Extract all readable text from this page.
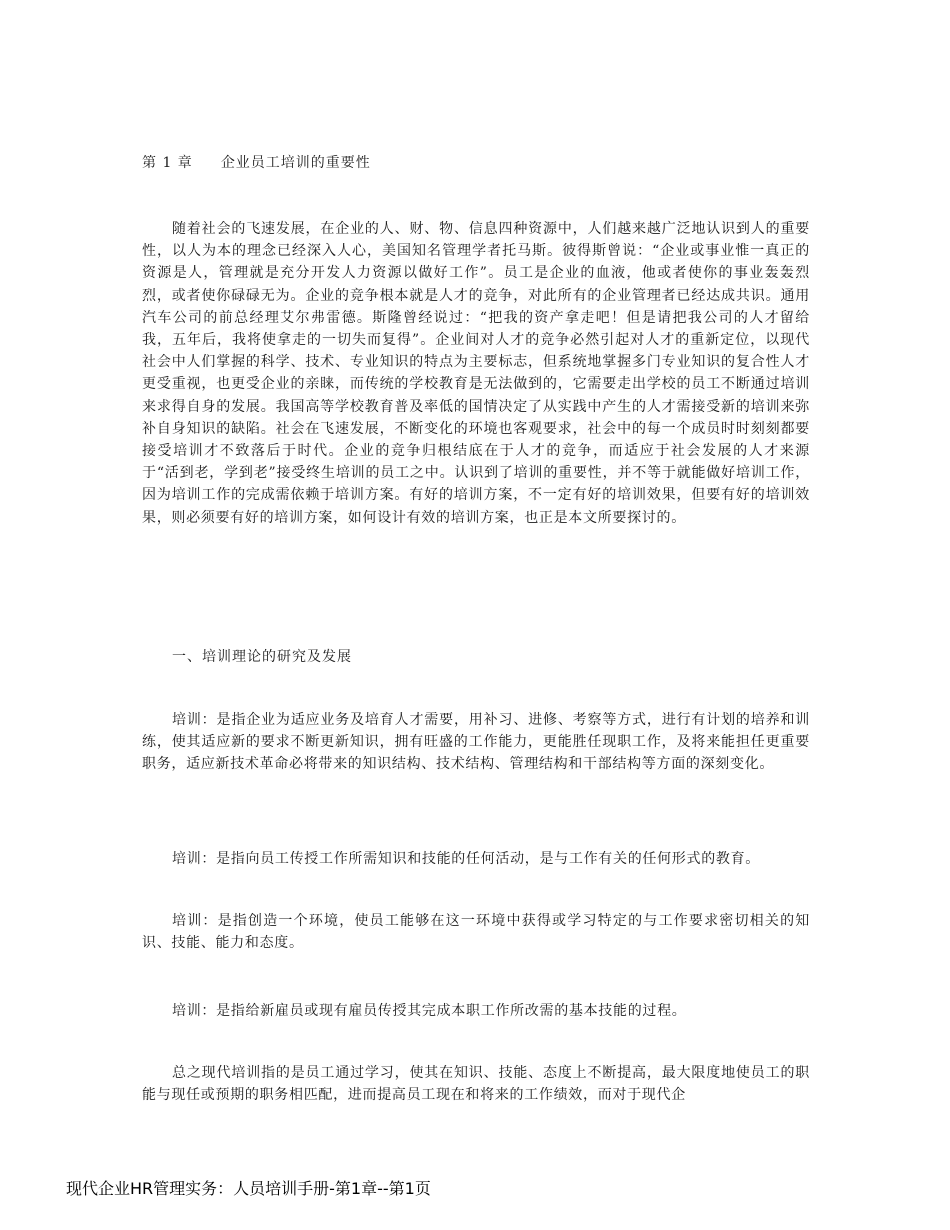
第 1 章 企业员工培训的重要性

随着社会的飞速发展，在企业的人、财、物、信息四种资源中，人们越来越广泛地认识到人的重要性，以人为本的理念已经深入人心，美国知名管理学者托马斯。彼得斯曾说：“企业或事业惟一真正的资源是人，管理就是充分开发人力资源以做好工作”。员工是企业的血液，他或者使你的事业轰轰烈烈，或者使你碌碌无为。企业的竞争根本就是人才的竞争，对此所有的企业管理者已经达成共识。通用汽车公司的前总经理艾尔弗雷德。斯隆曾经说过：“把我的资产拿走吧！但是请把我公司的人才留给我，五年后，我将使拿走的一切失而复得”。企业间对人才的竞争必然引起对人才的重新定位，以现代社会中人们掌握的科学、技术、专业知识的特点为主要标志，但系统地掌握多门专业知识的复合性人才更受重视，也更受企业的亲睐，而传统的学校教育是无法做到的，它需要走出学校的员工不断通过培训来求得自身的发展。我国高等学校教育普及率低的国情决定了从实践中产生的人才需接受新的培训来弥补自身知识的缺陷。社会在飞速发展，不断变化的环境也客观要求，社会中的每一个成员时时刻刻都要接受培训才不致落后于时代。企业的竞争归根结底在于人才的竞争，而适应于社会发展的人才来源于“活到老，学到老”接受终生培训的员工之中。认识到了培训的重要性，并不等于就能做好培训工作，因为培训工作的完成需依赖于培训方案。有好的培训方案，不一定有好的培训效果，但要有好的培训效果，则必须要有好的培训方案，如何设计有效的培训方案，也正是本文所要探讨的。

一、培训理论的研究及发展

培训：是指企业为适应业务及培育人才需要，用补习、进修、考察等方式，进行有计划的培养和训练，使其适应新的要求不断更新知识，拥有旺盛的工作能力，更能胜任现职工作，及将来能担任更重要职务，适应新技术革命必将带来的知识结构、技术结构、管理结构和干部结构等方面的深刻变化。

培训：是指向员工传授工作所需知识和技能的任何活动，是与工作有关的任何形式的教育。

培训：是指创造一个环境，使员工能够在这一环境中获得或学习特定的与工作要求密切相关的知识、技能、能力和态度。

培训：是指给新雇员或现有雇员传授其完成本职工作所改需的基本技能的过程。

总之现代培训指的是员工通过学习，使其在知识、技能、态度上不断提高，最大限度地使员工的职能与现任或预期的职务相匹配，进而提高员工现在和将来的工作绩效，而对于现代企

现代企业HR管理实务：人员培训手册-第1章--第1页
